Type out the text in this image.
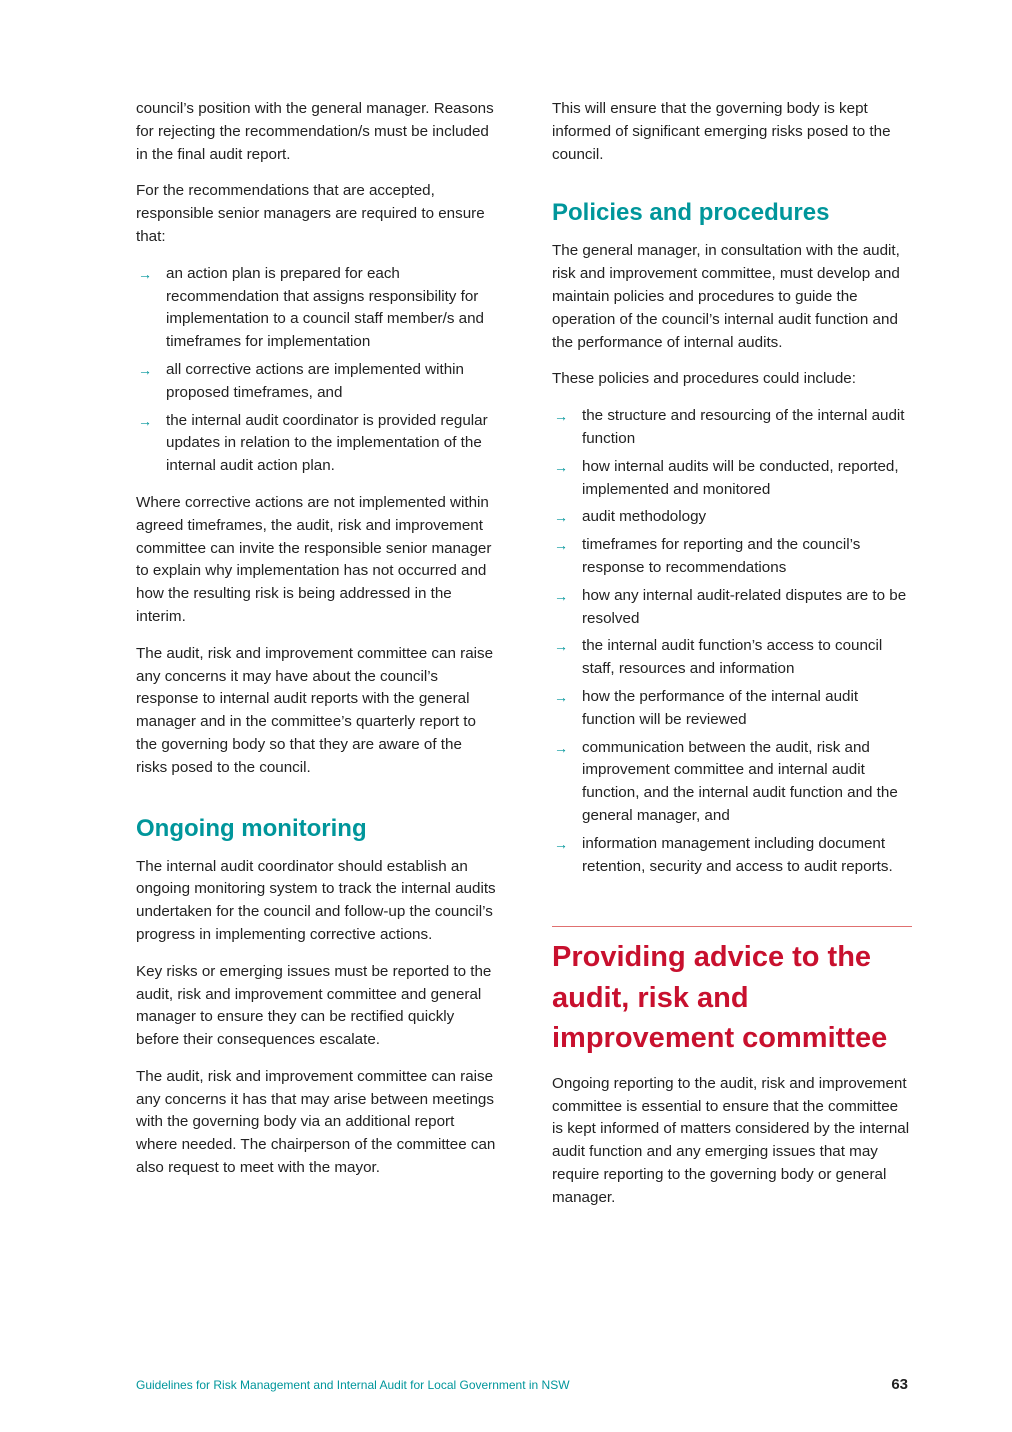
council’s position with the general manager. Reasons for rejecting the recommendation/s must be included in the final audit report.

For the recommendations that are accepted, responsible senior managers are required to ensure that:

→ an action plan is prepared for each recommendation that assigns responsibility for implementation to a council staff member/s and timeframes for implementation
→ all corrective actions are implemented within proposed timeframes, and
→ the internal audit coordinator is provided regular updates in relation to the implementation of the internal audit action plan.

Where corrective actions are not implemented within agreed timeframes, the audit, risk and improvement committee can invite the responsible senior manager to explain why implementation has not occurred and how the resulting risk is being addressed in the interim.

The audit, risk and improvement committee can raise any concerns it may have about the council’s response to internal audit reports with the general manager and in the committee’s quarterly report to the governing body so that they are aware of the risks posed to the council.

Ongoing monitoring

The internal audit coordinator should establish an ongoing monitoring system to track the internal audits undertaken for the council and follow-up the council’s progress in implementing corrective actions.

Key risks or emerging issues must be reported to the audit, risk and improvement committee and general manager to ensure they can be rectified quickly before their consequences escalate.

The audit, risk and improvement committee can raise any concerns it has that may arise between meetings with the governing body via an additional report where needed. The chairperson of the committee can also request to meet with the mayor.

This will ensure that the governing body is kept informed of significant emerging risks posed to the council.

Policies and procedures

The general manager, in consultation with the audit, risk and improvement committee, must develop and maintain policies and procedures to guide the operation of the council’s internal audit function and the performance of internal audits.

These policies and procedures could include:

→ the structure and resourcing of the internal audit function
→ how internal audits will be conducted, reported, implemented and monitored
→ audit methodology
→ timeframes for reporting and the council’s response to recommendations
→ how any internal audit-related disputes are to be resolved
→ the internal audit function’s access to council staff, resources and information
→ how the performance of the internal audit function will be reviewed
→ communication between the audit, risk and improvement committee and internal audit function, and the internal audit function and the general manager, and
→ information management including document retention, security and access to audit reports.
Providing advice to the audit, risk and improvement committee

Ongoing reporting to the audit, risk and improvement committee is essential to ensure that the committee is kept informed of matters considered by the internal audit function and any emerging issues that may require reporting to the governing body or general manager.

Guidelines for Risk Management and Internal Audit for Local Government in NSW	63
